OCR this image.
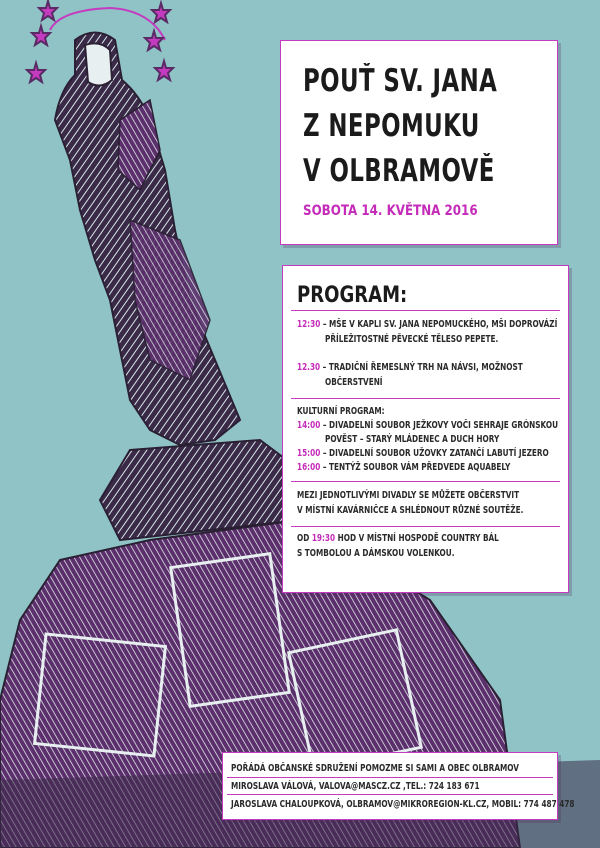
POUŤ SV. JANA
Z NEPOMUKU
V OLBRAMOVĚ
SOBOTA 14. KVĚTNA 2016
PROGRAM:
12:30 – MŠE V KAPLI SV. JANA NEPOMUCKÉHO, MŠI DOPROVÁZÍ
PŘÍLEŽITOSTNÉ PĚVECKÉ TĚLESO PEPETE.
12.30 – TRADIČNÍ ŘEMESLNÝ TRH NA NÁVSI, MOŽNOST
OBČERSTVENÍ
KULTURNÍ PROGRAM:
14:00 – DIVADELNÍ SOUBOR JEŽKOVY VOČI SEHRAJE GRÓNSKOU
POVĚST – STARÝ MLÁDENEC A DUCH HORY
15:00 – DIVADELNÍ SOUBOR UŽOVKY ZATANČÍ LABUTÍ JEZERO
16:00 – TENTÝŽ SOUBOR VÁM PŘEDVEDE AQUABELY
MEZI JEDNOTLIVÝMI DIVADLY SE MŮŽETE OBČERSTVIT
V MÍSTNÍ KAVÁRNIČCE A SHLÉDNOUT RŮZNÉ SOUTĚŽE.
OD 19:30 HOD V MÍSTNÍ HOSPODĚ COUNTRY BÁL
S TOMBOLOU A DÁMSKOU VOLENKOU.
POŘÁDÁ OBČANSKÉ SDRUŽENÍ POMOZME SI SAMI A OBEC OLBRAMOV
MIROSLAVA VÁLOVÁ, VALOVA@MASCZ.CZ ,TEL.: 724 183 671
JAROSLAVA CHALOUPKOVÁ, OLBRAMOV@MIKROREGION-KL.CZ, MOBIL: 774 487 478
